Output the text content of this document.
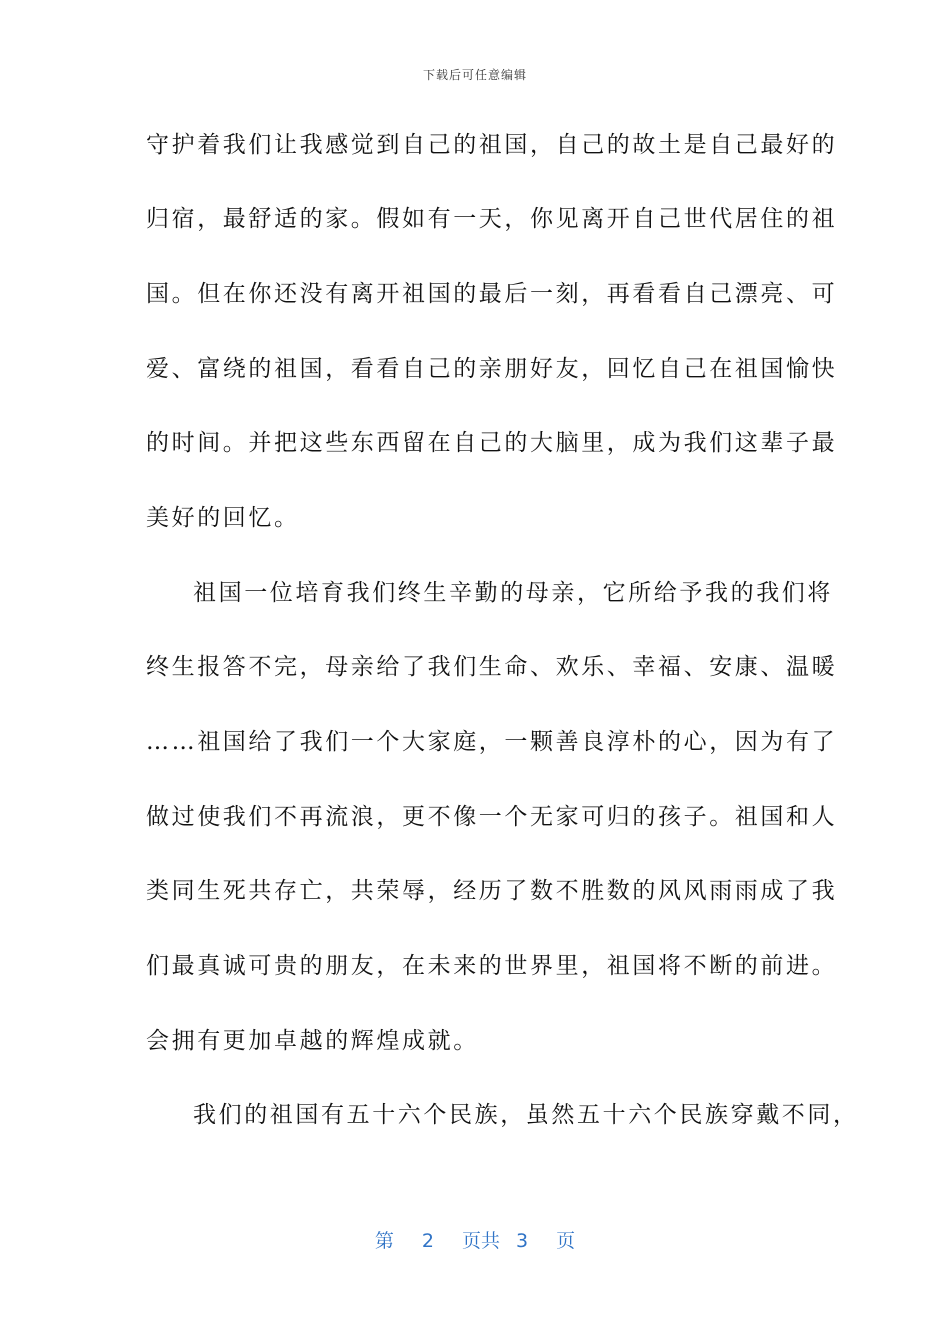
下载后可任意编辑
守护着我们让我感觉到自己的祖国，自己的故土是自己最好的
归宿，最舒适的家。假如有一天，你见离开自己世代居住的祖
国。但在你还没有离开祖国的最后一刻，再看看自己漂亮、可
爱、富绕的祖国，看看自己的亲朋好友，回忆自己在祖国愉快
的时间。并把这些东西留在自己的大脑里，成为我们这辈子最
美好的回忆。
祖国一位培育我们终生辛勤的母亲，它所给予我的我们将
终生报答不完，母亲给了我们生命、欢乐、幸福、安康、温暖
……祖国给了我们一个大家庭，一颗善良淳朴的心，因为有了
做过使我们不再流浪，更不像一个无家可归的孩子。祖国和人
类同生死共存亡，共荣辱，经历了数不胜数的风风雨雨成了我
们最真诚可贵的朋友，在未来的世界里，祖国将不断的前进。
会拥有更加卓越的辉煌成就。
我们的祖国有五十六个民族，虽然五十六个民族穿戴不同，
第 2 页共 3 页
